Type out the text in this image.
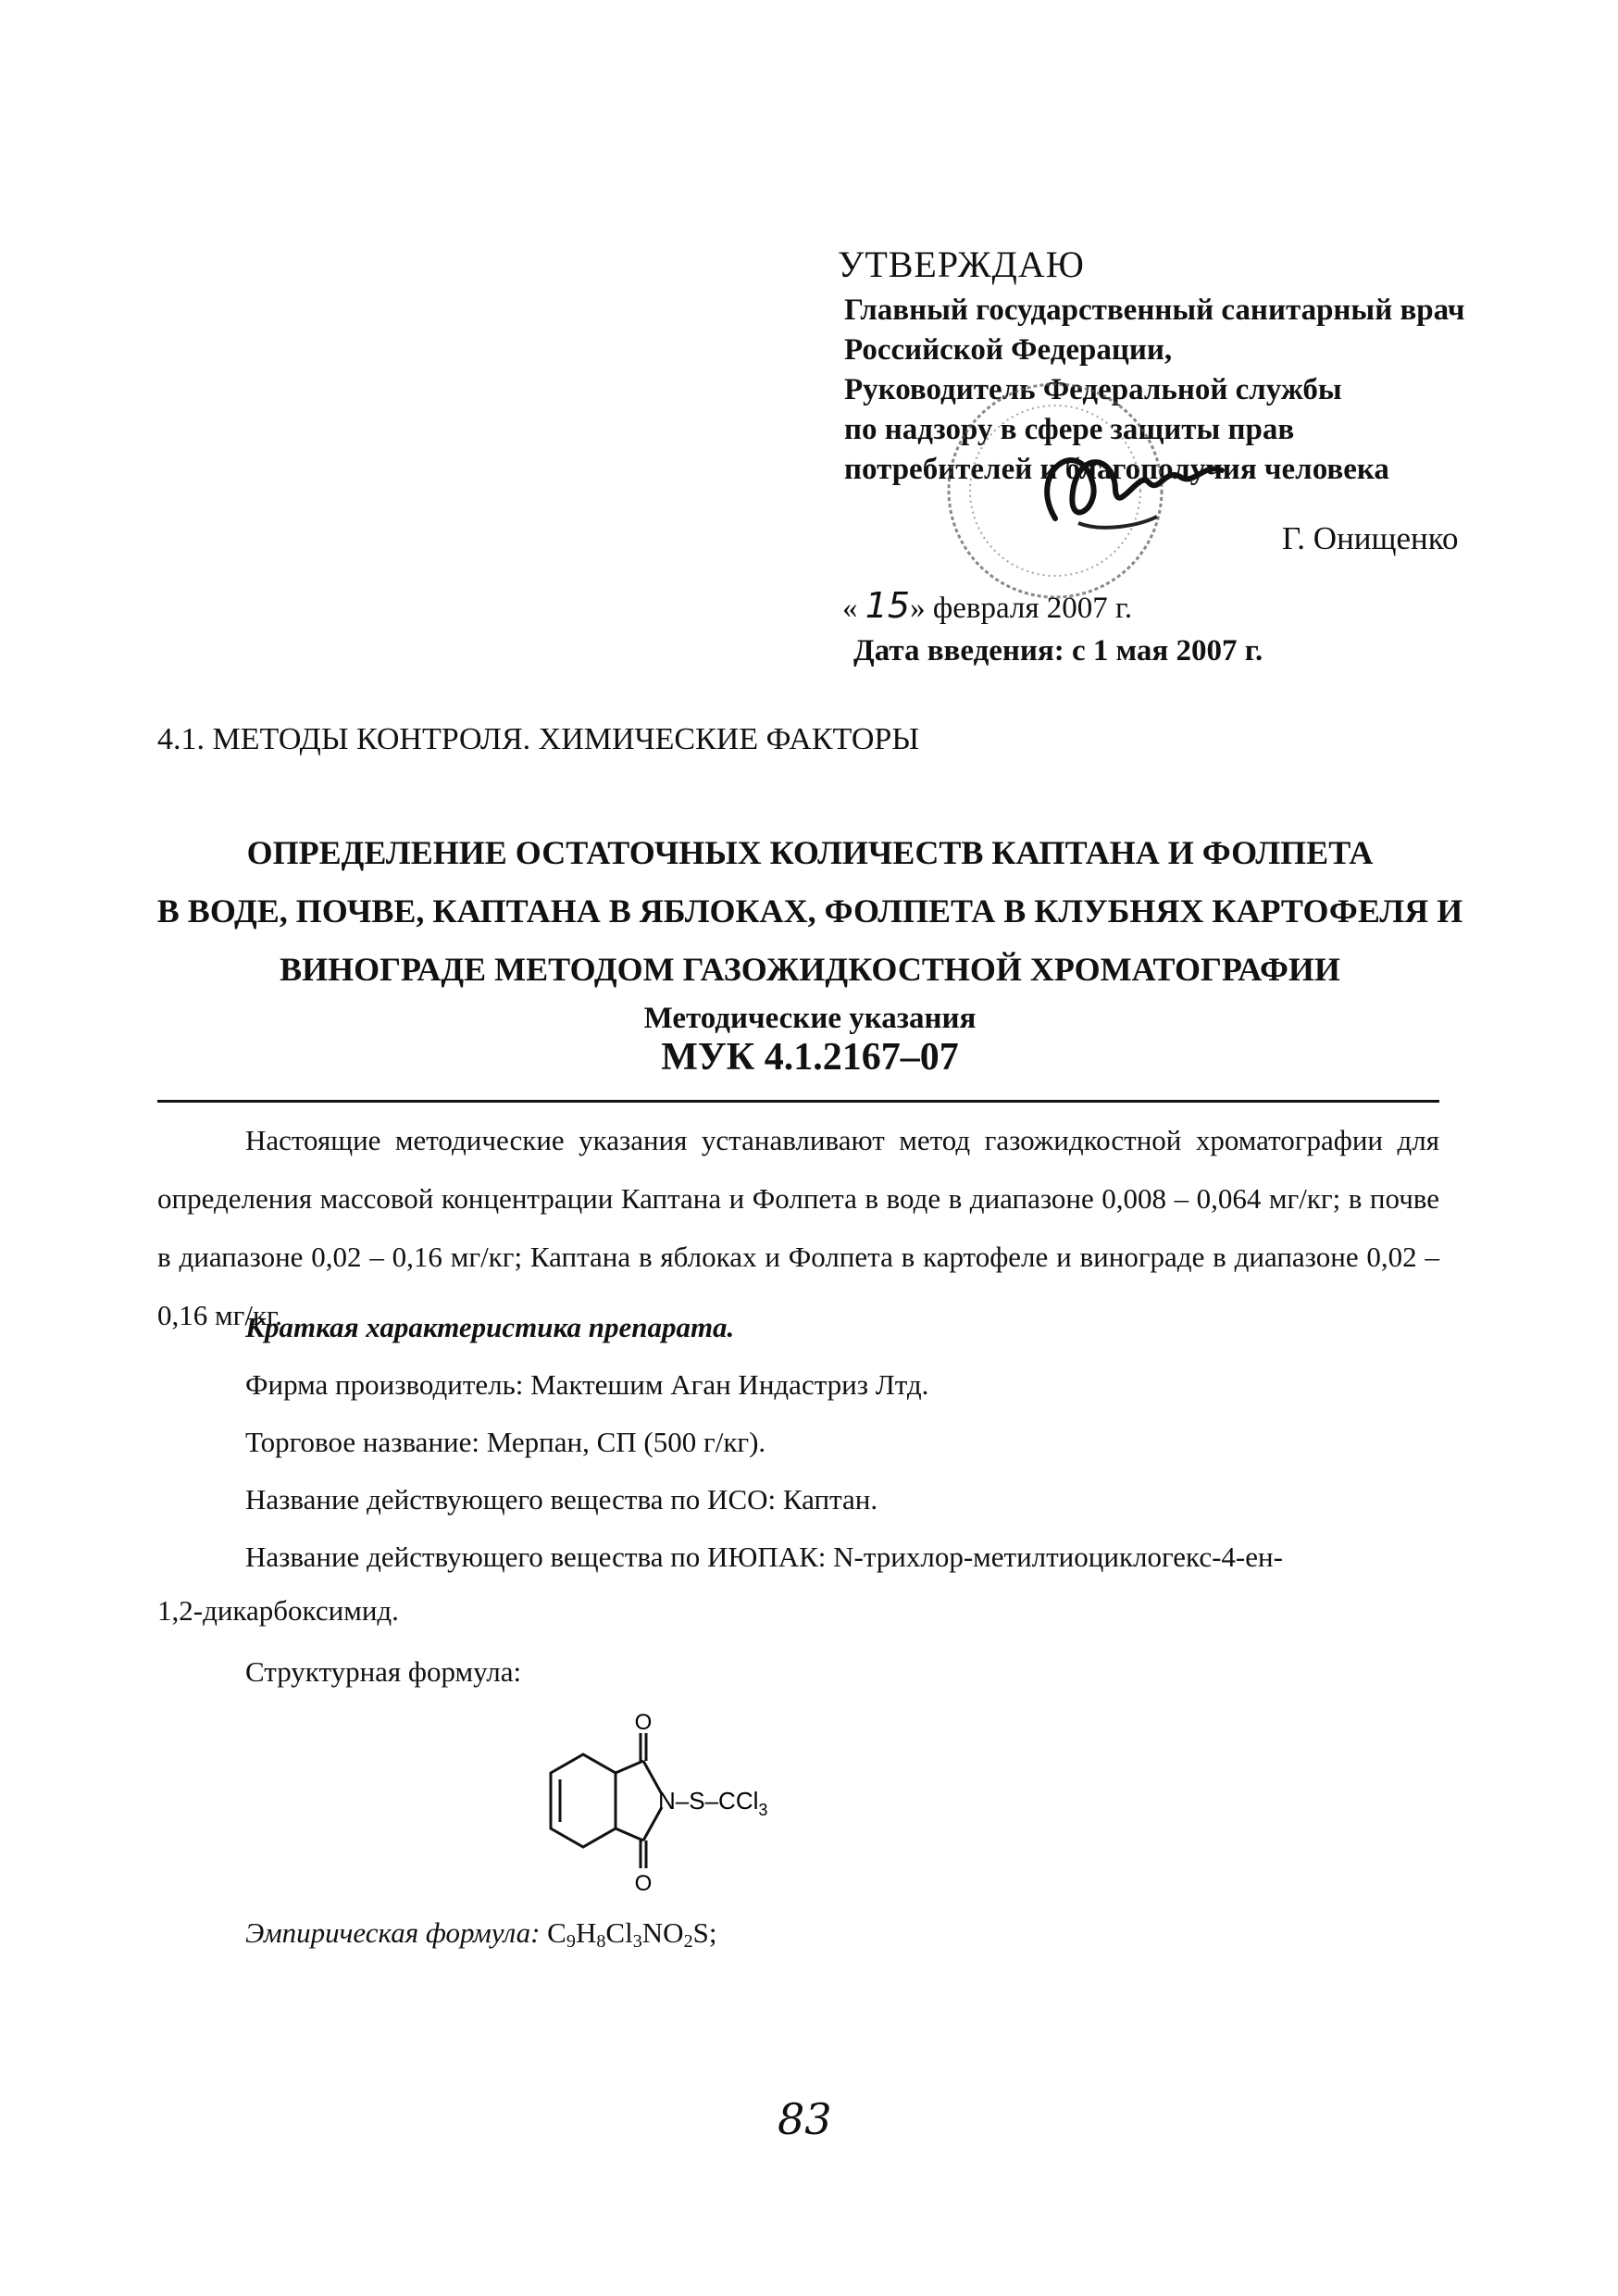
УТВЕРЖДАЮ
Главный государственный санитарный врач
Российской Федерации,
Руководитель Федеральной службы
по надзору в сфере защиты прав
потребителей и благополучия человека
Г. Онищенко
« 15» февраля 2007 г.
Дата введения: с 1 мая 2007 г.
4.1. МЕТОДЫ КОНТРОЛЯ. ХИМИЧЕСКИЕ ФАКТОРЫ
ОПРЕДЕЛЕНИЕ ОСТАТОЧНЫХ КОЛИЧЕСТВ КАПТАНА И ФОЛПЕТА
В ВОДЕ, ПОЧВЕ, КАПТАНА В ЯБЛОКАХ, ФОЛПЕТА В КЛУБНЯХ КАРТОФЕЛЯ И
ВИНОГРАДЕ МЕТОДОМ ГАЗОЖИДКОСТНОЙ ХРОМАТОГРАФИИ
Методические указания
МУК 4.1.2167–07
Настоящие методические указания устанавливают метод газожидкостной хроматографии для определения массовой концентрации Каптана и Фолпета в воде в диапазоне 0,008 – 0,064 мг/кг; в почве в диапазоне 0,02 – 0,16 мг/кг; Каптана в яблоках и Фолпета в картофеле и винограде в диапазоне 0,02 – 0,16 мг/кг.
Краткая характеристика препарата.
Фирма производитель: Мактешим Аган Индастриз Лтд.
Торговое название: Мерпан, СП (500 г/кг).
Название действующего вещества по ИСО: Каптан.
Название действующего вещества по ИЮПАК: N-трихлор-метилтиоциклогекс-4-ен-
1,2-дикарбоксимид.
Структурная формула:
O
O
N–S–CCl$_3$
Эмпирическая формула: $C_9H_8Cl_3NO_2S$;
83
